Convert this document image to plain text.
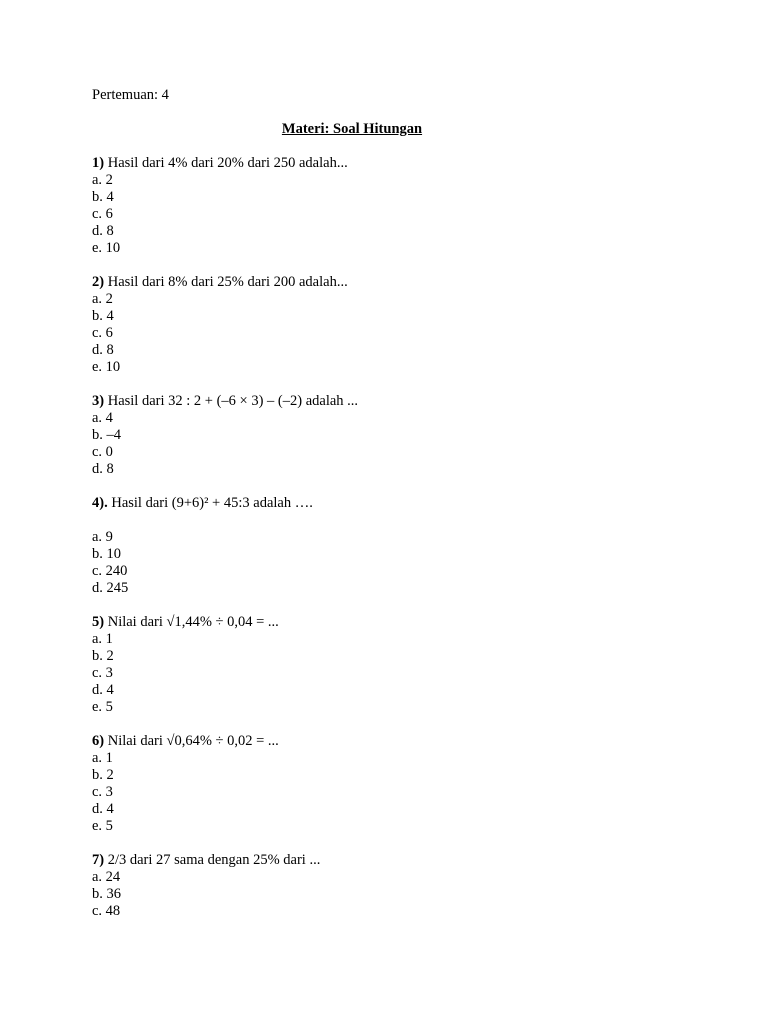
Pertemuan: 4
Materi: Soal Hitungan
1) Hasil dari 4% dari 20% dari 250 adalah...
a. 2
b. 4
c. 6
d. 8
e. 10
2) Hasil dari 8% dari 25% dari 200 adalah...
a. 2
b. 4
c. 6
d. 8
e. 10
3) Hasil dari 32 : 2 + (–6 × 3) – (–2) adalah ...
a. 4
b. –4
c. 0
d. 8
4). Hasil dari (9+6)² + 45:3 adalah ….
a. 9
b. 10
c. 240
d. 245
5) Nilai dari √1,44% ÷ 0,04 = ...
a. 1
b. 2
c. 3
d. 4
e. 5
6) Nilai dari √0,64% ÷ 0,02 = ...
a. 1
b. 2
c. 3
d. 4
e. 5
7) 2/3 dari 27 sama dengan 25% dari ...
a. 24
b. 36
c. 48
